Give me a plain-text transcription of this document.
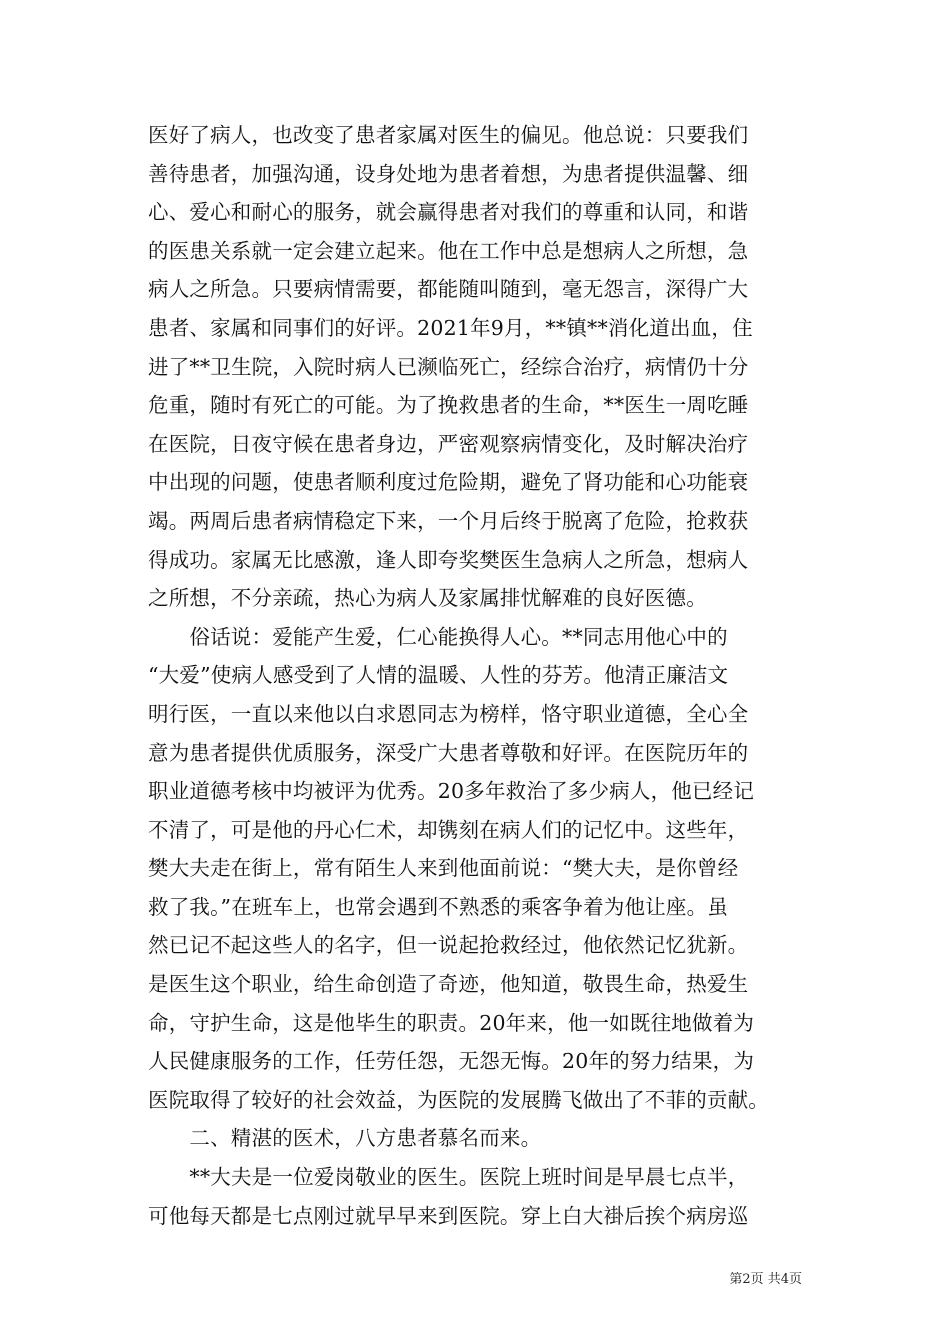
医好了病人，也改变了患者家属对医生的偏见。他总说：只要我们
善待患者，加强沟通，设身处地为患者着想，为患者提供温馨、细
心、爱心和耐心的服务，就会赢得患者对我们的尊重和认同，和谐
的医患关系就一定会建立起来。他在工作中总是想病人之所想，急
病人之所急。只要病情需要，都能随叫随到，毫无怨言，深得广大
患者、家属和同事们的好评。2021年9月，**镇**消化道出血，住
进了**卫生院，入院时病人已濒临死亡，经综合治疗，病情仍十分
危重，随时有死亡的可能。为了挽救患者的生命，**医生一周吃睡
在医院，日夜守候在患者身边，严密观察病情变化，及时解决治疗
中出现的问题，使患者顺利度过危险期，避免了肾功能和心功能衰
竭。两周后患者病情稳定下来，一个月后终于脱离了危险，抢救获
得成功。家属无比感激，逢人即夸奖樊医生急病人之所急，想病人
之所想，不分亲疏，热心为病人及家属排忧解难的良好医德。
　　俗话说：爱能产生爱，仁心能换得人心。**同志用他心中的
“大爱”使病人感受到了人情的温暖、人性的芬芳。他清正廉洁文
明行医，一直以来他以白求恩同志为榜样，恪守职业道德，全心全
意为患者提供优质服务，深受广大患者尊敬和好评。在医院历年的
职业道德考核中均被评为优秀。20多年救治了多少病人，他已经记
不清了，可是他的丹心仁术，却镌刻在病人们的记忆中。这些年，
樊大夫走在街上，常有陌生人来到他面前说：“樊大夫，是你曾经
救了我。”在班车上，也常会遇到不熟悉的乘客争着为他让座。虽
然已记不起这些人的名字，但一说起抢救经过，他依然记忆犹新。
是医生这个职业，给生命创造了奇迹，他知道，敬畏生命，热爱生
命，守护生命，这是他毕生的职责。20年来，他一如既往地做着为
人民健康服务的工作，任劳任怨，无怨无悔。20年的努力结果，为
医院取得了较好的社会效益，为医院的发展腾飞做出了不菲的贡献。
　　二、精湛的医术，八方患者慕名而来。
　　**大夫是一位爱岗敬业的医生。医院上班时间是早晨七点半，
可他每天都是七点刚过就早早来到医院。穿上白大褂后挨个病房巡
第2页 共4页
